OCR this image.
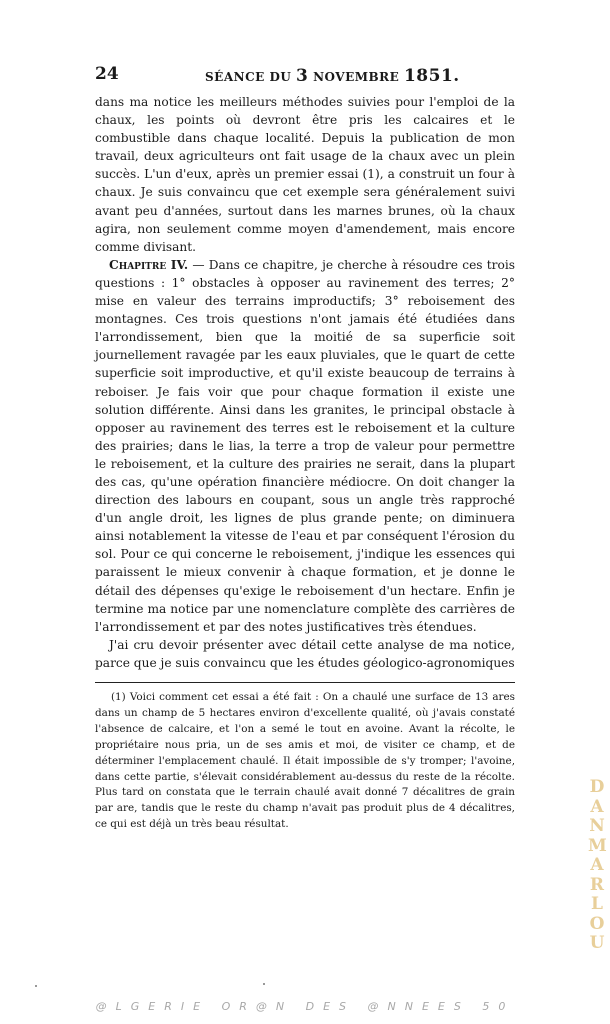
24	SÉANCE DU 3 NOVEMBRE 1851.

dans ma notice les meilleurs méthodes suivies pour l'emploi de la chaux, les points où devront être pris les calcaires et le combustible dans chaque localité. Depuis la publication de mon travail, deux agriculteurs ont fait usage de la chaux avec un plein succès. L'un d'eux, après un premier essai (1), a construit un four à chaux. Je suis convaincu que cet exemple sera généralement suivi avant peu d'années, surtout dans les marnes brunes, où la chaux agira, non seulement comme moyen d'amendement, mais encore comme divisant.

Chapitre IV. — Dans ce chapitre, je cherche à résoudre ces trois questions : 1° obstacles à opposer au ravinement des terres; 2° mise en valeur des terrains improductifs; 3° reboisement des montagnes. Ces trois questions n'ont jamais été étudiées dans l'arrondissement, bien que la moitié de sa superficie soit journellement ravagée par les eaux pluviales, que le quart de cette superficie soit improductive, et qu'il existe beaucoup de terrains à reboiser. Je fais voir que pour chaque formation il existe une solution différente. Ainsi dans les granites, le principal obstacle à opposer au ravinement des terres est le reboisement et la culture des prairies; dans le lias, la terre a trop de valeur pour permettre le reboisement, et la culture des prairies ne serait, dans la plupart des cas, qu'une opération financière médiocre. On doit changer la direction des labours en coupant, sous un angle très rapproché d'un angle droit, les lignes de plus grande pente; on diminuera ainsi notablement la vitesse de l'eau et par conséquent l'érosion du sol. Pour ce qui concerne le reboisement, j'indique les essences qui paraissent le mieux convenir à chaque formation, et je donne le détail des dépenses qu'exige le reboisement d'un hectare. Enfin je termine ma notice par une nomenclature complète des carrières de l'arrondissement et par des notes justificatives très étendues.

J'ai cru devoir présenter avec détail cette analyse de ma notice, parce que je suis convaincu que les études géologico-agronomiques

(1) Voici comment cet essai a été fait : On a chaulé une surface de 13 ares dans un champ de 5 hectares environ d'excellente qualité, où j'avais constaté l'absence de calcaire, et l'on a semé le tout en avoine. Avant la récolte, le propriétaire nous pria, un de ses amis et moi, de visiter ce champ, et de déterminer l'emplacement chaulé. Il était impossible de s'y tromper; l'avoine, dans cette partie, s'élevait considérablement au-dessus du reste de la récolte. Plus tard on constata que le terrain chaulé avait donné 7 décalitres de grain par are, tandis que le reste du champ n'avait pas produit plus de 4 décalitres, ce qui est déjà un très beau résultat.

D
A
N
M
A
R
L
O
U
@LGERIE OR@N DES @NNEES 50
